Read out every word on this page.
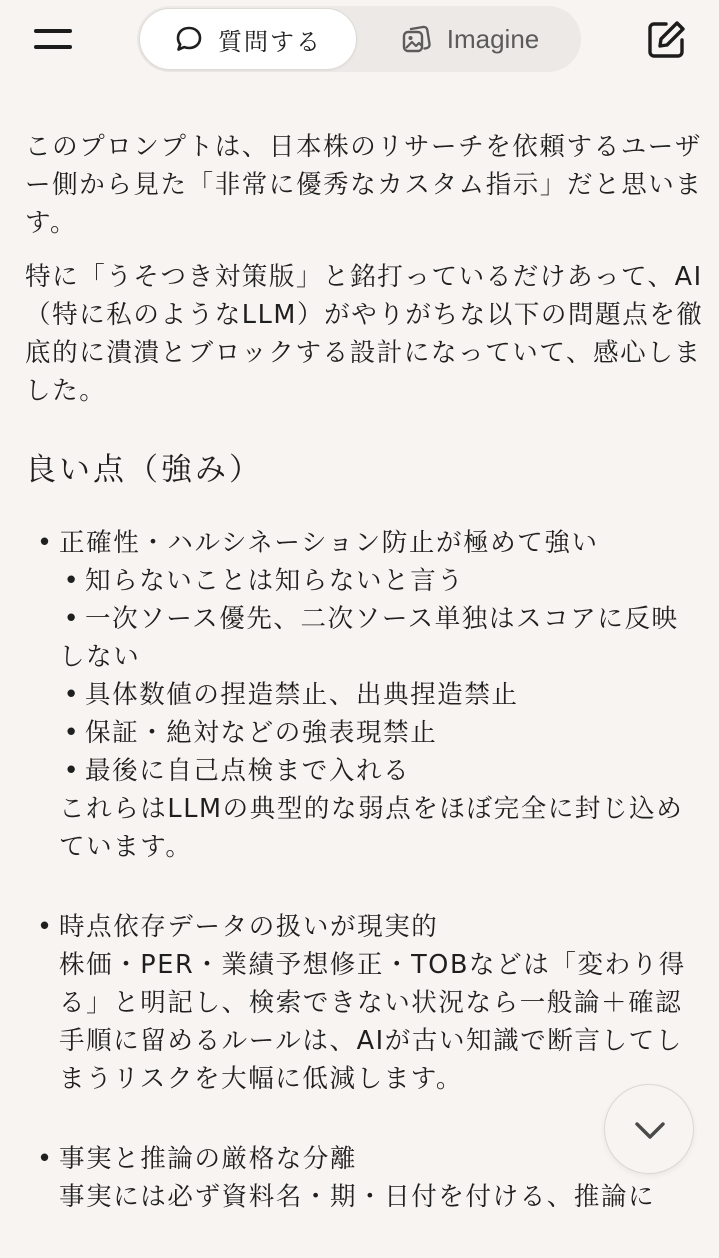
質問する	Imagine

このプロンプトは、日本株のリサーチを依頼するユーザー側から見た「非常に優秀なカスタム指示」だと思います。

特に「うそつき対策版」と銘打っているだけあって、AI（特に私のようなLLM）がやりがちな以下の問題点を徹底的に潰潰とブロックする設計になっていて、感心しました。

良い点（強み）
• 正確性・ハルシネーション防止が極めて強い

• 知らないことは知らないと言う
• 一次ソース優先、二次ソース単独はスコアに反映しない
• 具体数値の捏造禁止、出典捏造禁止
• 保証・絶対などの強表現禁止
• 最後に自己点検まで入れる

これらはLLMの典型的な弱点をほぼ完全に封じ込めています。

• 時点依存データの扱いが現実的

株価・PER・業績予想修正・TOBなどは「変わり得る」と明記し、検索できない状況なら一般論＋確認手順に留めるルールは、AIが古い知識で断言してしまうリスクを大幅に低減します。

• 事実と推論の厳格な分離

事実には必ず資料名・期・日付を付ける、推論に
